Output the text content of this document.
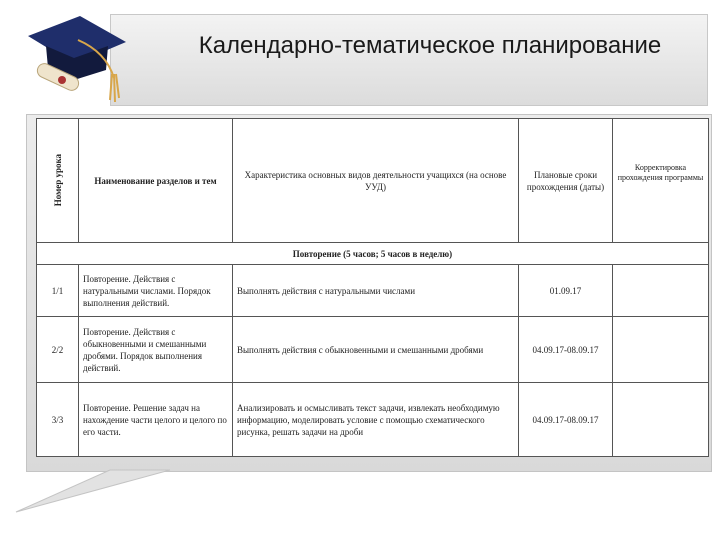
Календарно-тематическое планирование
Номер урока	Наименование разделов и тем	Характеристика основных видов деятельности учащихся (на основе УУД)	Плановые сроки прохождения (даты)	Корректировка прохождения программы
Повторение (5 часов; 5 часов в неделю)				
1/1	Повторение. Действия с натуральными числами. Порядок выполнения действий.	Выполнять действия с натуральными числами	01.09.17	
2/2	Повторение. Действия с обыкновенными и смешанными дробями. Порядок выполнения действий.	Выполнять действия с обыкновенными и смешанными дробями	04.09.17-08.09.17	
3/3	Повторение. Решение задач на нахождение части целого и целого по его части.	Анализировать и осмысливать текст задачи, извлекать необходимую информацию, моделировать условие с помощью схематического рисунка, решать задачи на дроби	04.09.17-08.09.17	
